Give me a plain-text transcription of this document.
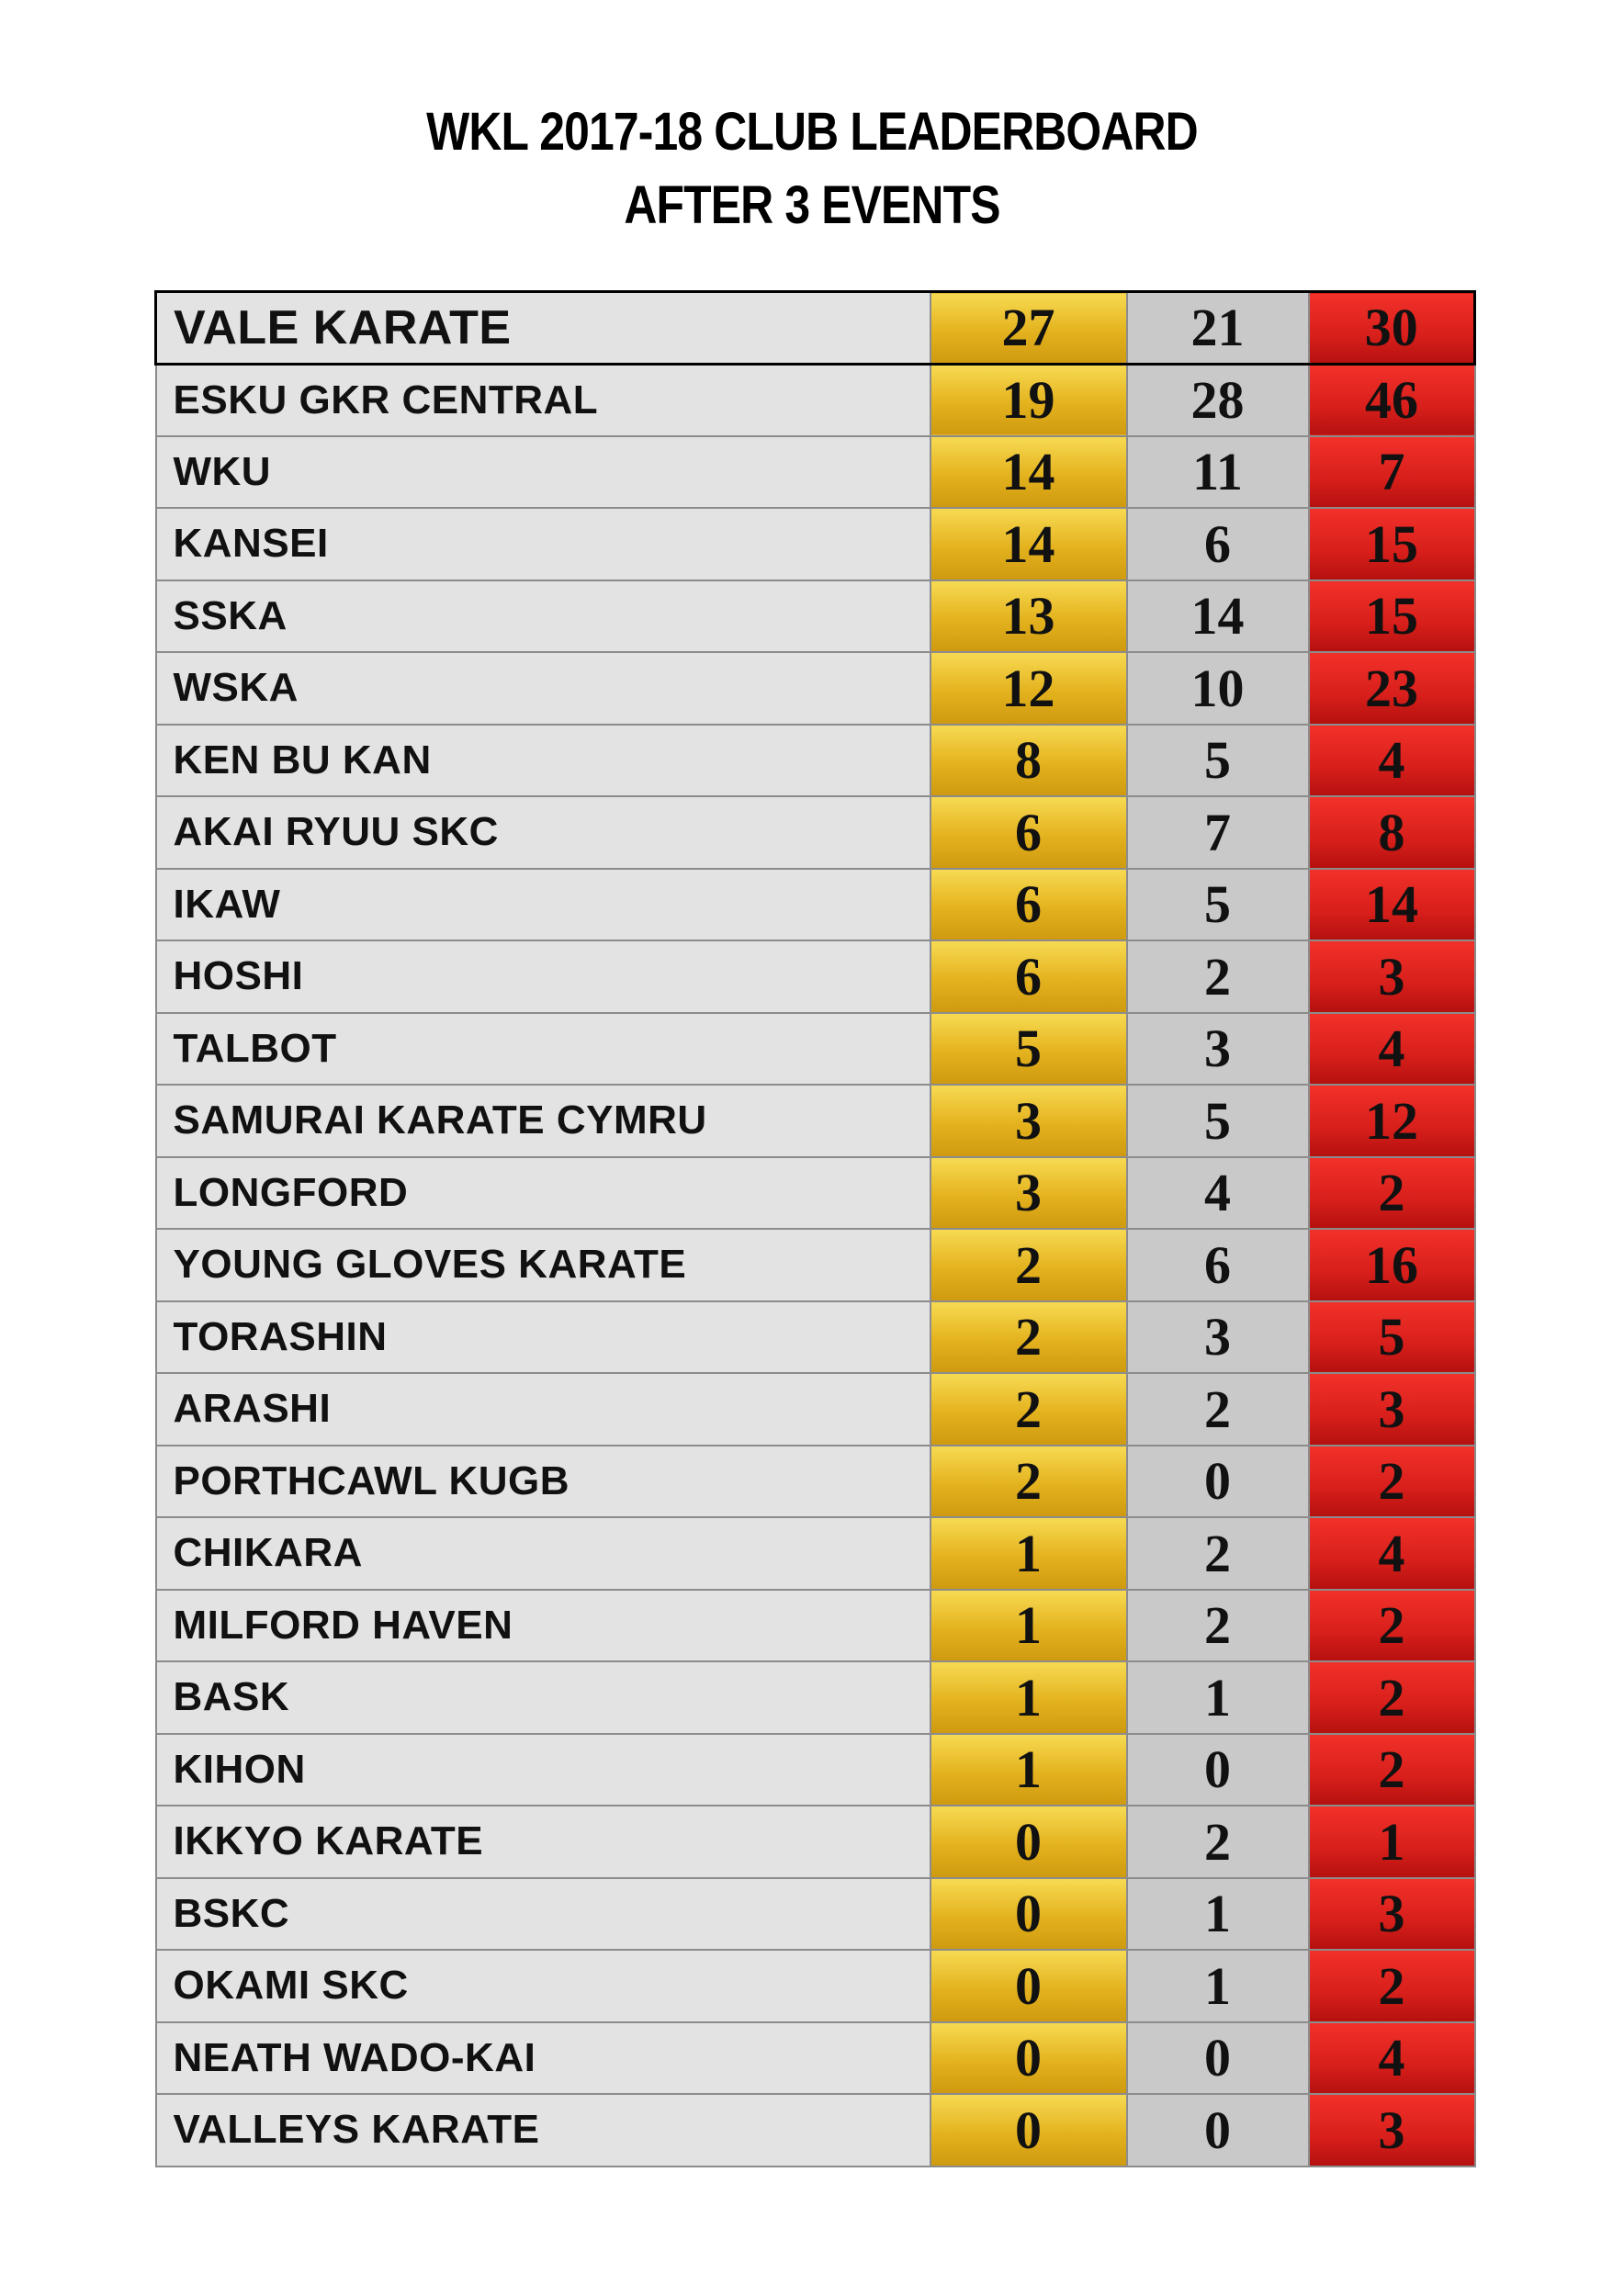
WKL 2017-18 CLUB LEADERBOARD
AFTER 3 EVENTS
VALE KARATE	27	21	30
ESKU GKR CENTRAL	19	28	46
WKU	14	11	7
KANSEI	14	6	15
SSKA	13	14	15
WSKA	12	10	23
KEN BU KAN	8	5	4
AKAI RYUU SKC	6	7	8
IKAW	6	5	14
HOSHI	6	2	3
TALBOT	5	3	4
SAMURAI KARATE CYMRU	3	5	12
LONGFORD	3	4	2
YOUNG GLOVES KARATE	2	6	16
TORASHIN	2	3	5
ARASHI	2	2	3
PORTHCAWL KUGB	2	0	2
CHIKARA	1	2	4
MILFORD HAVEN	1	2	2
BASK	1	1	2
KIHON	1	0	2
IKKYO KARATE	0	2	1
BSKC	0	1	3
OKAMI SKC	0	1	2
NEATH WADO-KAI	0	0	4
VALLEYS KARATE	0	0	3
